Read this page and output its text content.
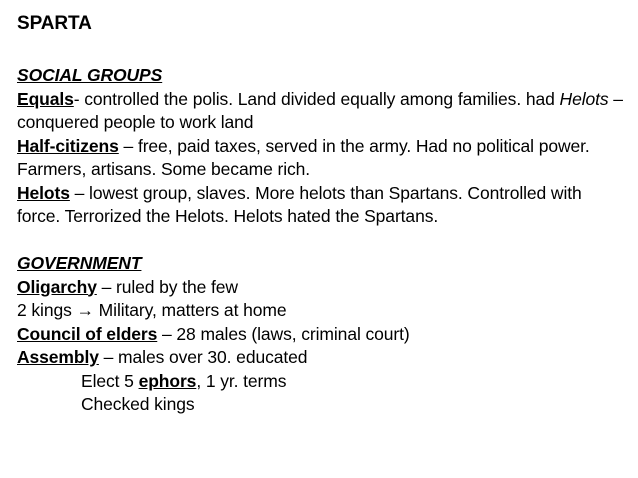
SPARTA
SOCIAL GROUPS
Equals- controlled the polis. Land divided equally among families. had Helots – conquered people to work land
Half-citizens – free, paid taxes, served in the army. Had no political power. Farmers, artisans. Some became rich.
Helots – lowest group, slaves. More helots than Spartans. Controlled with force. Terrorized the Helots. Helots hated the Spartans.
GOVERNMENT
Oligarchy – ruled by the few
2 kings → Military, matters at home
Council of elders – 28 males (laws, criminal court)
Assembly – males over 30. educated
Elect 5 ephors, 1 yr. terms
Checked kings
